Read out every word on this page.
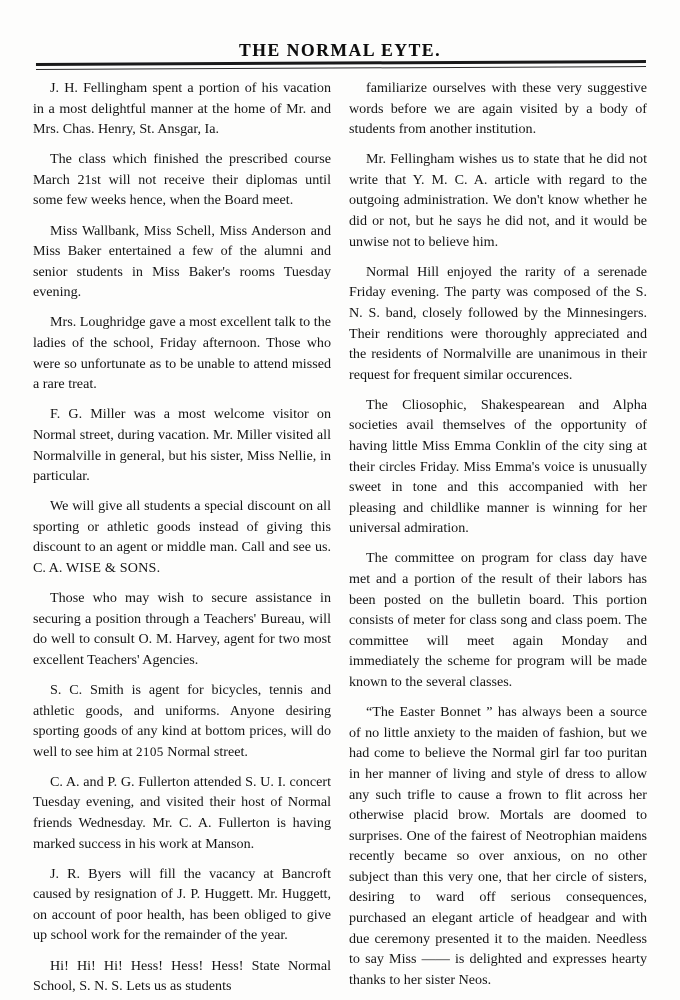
THE NORMAL EYTE.

J. H. Fellingham spent a portion of his vacation in a most delightful manner at the home of Mr. and Mrs. Chas. Henry, St. Ansgar, Ia.

The class which finished the prescribed course March 21st will not receive their diplomas until some few weeks hence, when the Board meet.

Miss Wallbank, Miss Schell, Miss Anderson and Miss Baker entertained a few of the alumni and senior students in Miss Baker's rooms Tuesday evening.

Mrs. Loughridge gave a most excellent talk to the ladies of the school, Friday afternoon. Those who were so unfortunate as to be unable to attend missed a rare treat.

F. G. Miller was a most welcome visitor on Normal street, during vacation. Mr. Miller visited all Normalville in general, but his sister, Miss Nellie, in particular.

We will give all students a special discount on all sporting or athletic goods instead of giving this discount to an agent or middle man. Call and see us. C. A. WISE & SONS.

Those who may wish to secure assistance in securing a position through a Teachers' Bureau, will do well to consult O. M. Harvey, agent for two most excellent Teachers' Agencies.

S. C. Smith is agent for bicycles, tennis and athletic goods, and uniforms. Anyone desiring sporting goods of any kind at bottom prices, will do well to see him at 2105 Normal street.

C. A. and P. G. Fullerton attended S. U. I. concert Tuesday evening, and visited their host of Normal friends Wednesday. Mr. C. A. Fullerton is having marked success in his work at Manson.

J. R. Byers will fill the vacancy at Bancroft caused by resignation of J. P. Huggett. Mr. Huggett, on account of poor health, has been obliged to give up school work for the remainder of the year.

Hi! Hi! Hi! Hess! Hess! Hess! State Normal School, S. N. S. Lets us as students

familiarize ourselves with these very suggestive words before we are again visited by a body of students from another institution.

Mr. Fellingham wishes us to state that he did not write that Y. M. C. A. article with regard to the outgoing administration. We don't know whether he did or not, but he says he did not, and it would be unwise not to believe him.

Normal Hill enjoyed the rarity of a serenade Friday evening. The party was composed of the S. N. S. band, closely followed by the Minnesingers. Their renditions were thoroughly appreciated and the residents of Normalville are unanimous in their request for frequent similar occurences.

The Cliosophic, Shakespearean and Alpha societies avail themselves of the opportunity of having little Miss Emma Conklin of the city sing at their circles Friday. Miss Emma's voice is unusually sweet in tone and this accompanied with her pleasing and childlike manner is winning for her universal admiration.

The committee on program for class day have met and a portion of the result of their labors has been posted on the bulletin board. This portion consists of meter for class song and class poem. The committee will meet again Monday and immediately the scheme for program will be made known to the several classes.

“The Easter Bonnet ” has always been a source of no little anxiety to the maiden of fashion, but we had come to believe the Normal girl far too puritan in her manner of living and style of dress to allow any such trifle to cause a frown to flit across her otherwise placid brow. Mortals are doomed to surprises. One of the fairest of Neotrophian maidens recently became so over anxious, on no other subject than this very one, that her circle of sisters, desiring to ward off serious consequences, purchased an elegant article of headgear and with due ceremony presented it to the maiden. Needless to say Miss —— is delighted and expresses hearty thanks to her sister Neos.
